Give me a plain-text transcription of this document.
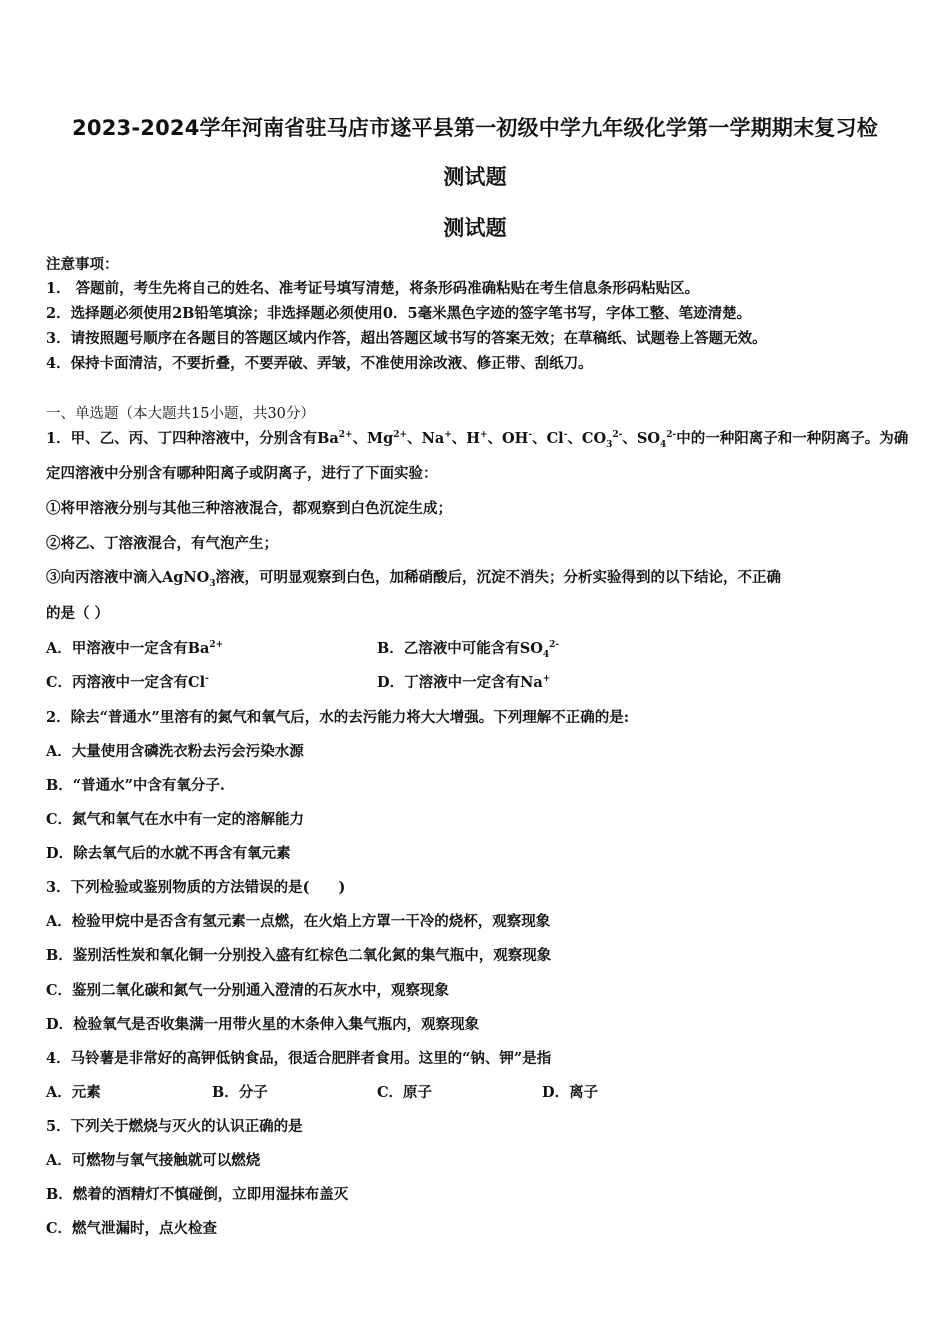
2023-2024学年河南省驻马店市遂平县第一初级中学九年级化学第一学期期末复习检
测试题
测试题
注意事项：
1． 答题前，考生先将自己的姓名、准考证号填写清楚，将条形码准确粘贴在考生信息条形码粘贴区。
2．选择题必须使用2B铅笔填涂；非选择题必须使用0．5毫米黑色字迹的签字笔书写，字体工整、笔迹清楚。
3．请按照题号顺序在各题目的答题区域内作答，超出答题区域书写的答案无效；在草稿纸、试题卷上答题无效。
4．保持卡面清洁，不要折叠，不要弄破、弄皱，不准使用涂改液、修正带、刮纸刀。
一、单选题（本大题共15小题，共30分）
1．甲、乙、丙、丁四种溶液中，分别含有$Ba^{2+}$、$Mg^{2+}$、Na+、H+、OH-、Cl-、$CO_3^{2-}$、$SO_4^{2-}$中的一种阳离子和一种阴离子。为确
定四溶液中分别含有哪种阳离子或阴离子，进行了下面实验：
①将甲溶液分别与其他三种溶液混合，都观察到白色沉淀生成；
②将乙、丁溶液混合，有气泡产生；
③向丙溶液中滴入AgNO$_3$溶液，可明显观察到白色，加稀硝酸后，沉淀不消失；分析实验得到的以下结论，不正确
的是（ ）
A．甲溶液中一定含有$Ba^{2+}$	B．乙溶液中可能含有$SO_4^{2-}$
C．丙溶液中一定含有Cl-	D．丁溶液中一定含有Na+
2．除去“普通水”里溶有的氮气和氧气后，水的去污能力将大大增强。下列理解不正确的是:
A．大量使用含磷洗衣粉去污会污染水源
B．“普通水”中含有氧分子.
C．氮气和氧气在水中有一定的溶解能力
D．除去氧气后的水就不再含有氧元素
3．下列检验或鉴别物质的方法错误的是(　　)
A．检验甲烷中是否含有氢元素一点燃，在火焰上方罩一干冷的烧杯，观察现象
B．鉴别活性炭和氧化铜一分别投入盛有红棕色二氧化氮的集气瓶中，观察现象
C．鉴别二氧化碳和氮气一分别通入澄清的石灰水中，观察现象
D．检验氧气是否收集满一用带火星的木条伸入集气瓶内，观察现象
4．马铃薯是非常好的高钾低钠食品，很适合肥胖者食用。这里的“钠、钾”是指
A．元素	B．分子	C．原子	D．离子
5．下列关于燃烧与灭火的认识正确的是
A．可燃物与氧气接触就可以燃烧
B．燃着的酒精灯不慎碰倒，立即用湿抹布盖灭
C．燃气泄漏时，点火检查
